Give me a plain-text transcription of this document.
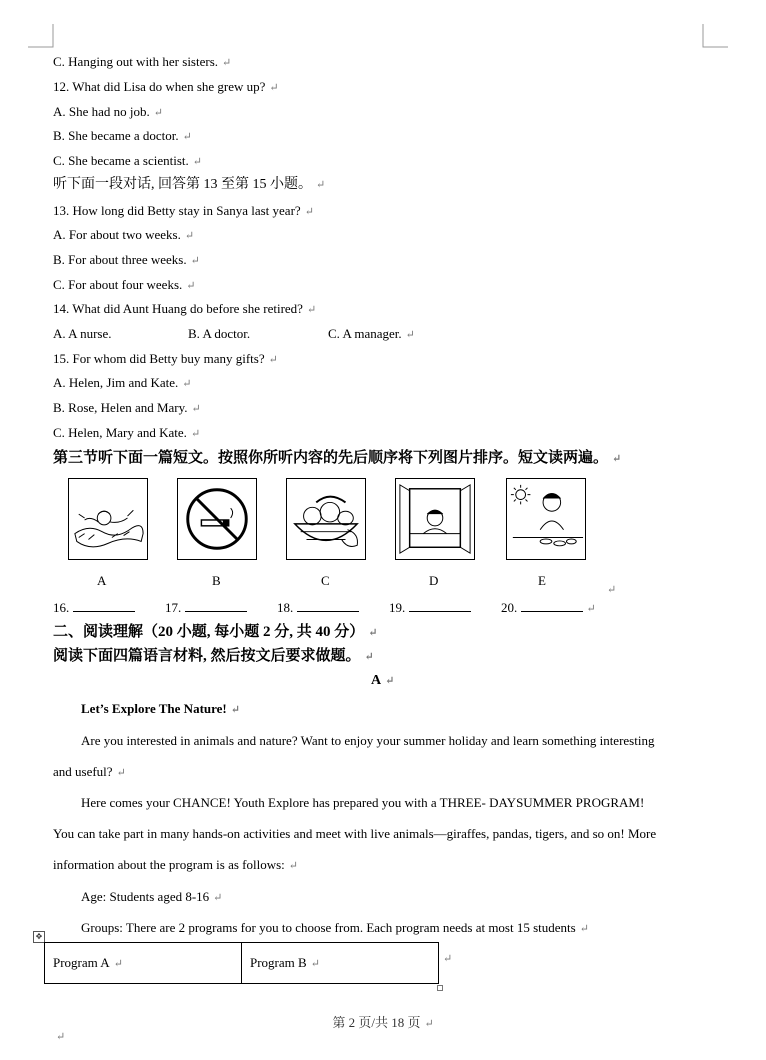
C. Hanging out with her sisters. ↵
12. What did Lisa do when she grew up? ↵
A. She had no job. ↵
B. She became a doctor. ↵
C. She became a scientist. ↵
听下面一段对话, 回答第 13 至第 15 小题。 ↵
13. How long did Betty stay in Sanya last year? ↵
A. For about two weeks. ↵
B. For about three weeks. ↵
C. For about four weeks. ↵
14. What did Aunt Huang do before she retired? ↵
A. A nurse.	B. A doctor.	C. A manager. ↵
15. For whom did Betty buy many gifts? ↵
A. Helen, Jim and Kate. ↵
B. Rose, Helen and Mary. ↵
C. Helen, Mary and Kate. ↵
第三节听下面一篇短文。按照你所听内容的先后顺序将下列图片排序。短文读两遍。 ↵
A	B	C	D	E
↵
16.	17.	18.	19.	20.	↵
二、阅读理解（20 小题, 每小题 2 分, 共 40 分） ↵
阅读下面四篇语言材料, 然后按文后要求做题。 ↵
A ↵
Let’s Explore The Nature! ↵
Are you interested in animals and nature? Want to enjoy your summer holiday and learn something interesting
and useful? ↵
Here comes your CHANCE! Youth Explore has prepared you with a THREE- DAYSUMMER PROGRAM!
You can take part in many hands-on activities and meet with live animals—giraffes, pandas, tigers, and so on! More
information about the program is as follows: ↵
Age: Students aged 8-16 ↵
Groups: There are 2 programs for you to choose from. Each program needs at most 15 students ↵
✥
Program A ↵	Program B ↵	↵
第 2 页/共 18 页 ↵
↵
